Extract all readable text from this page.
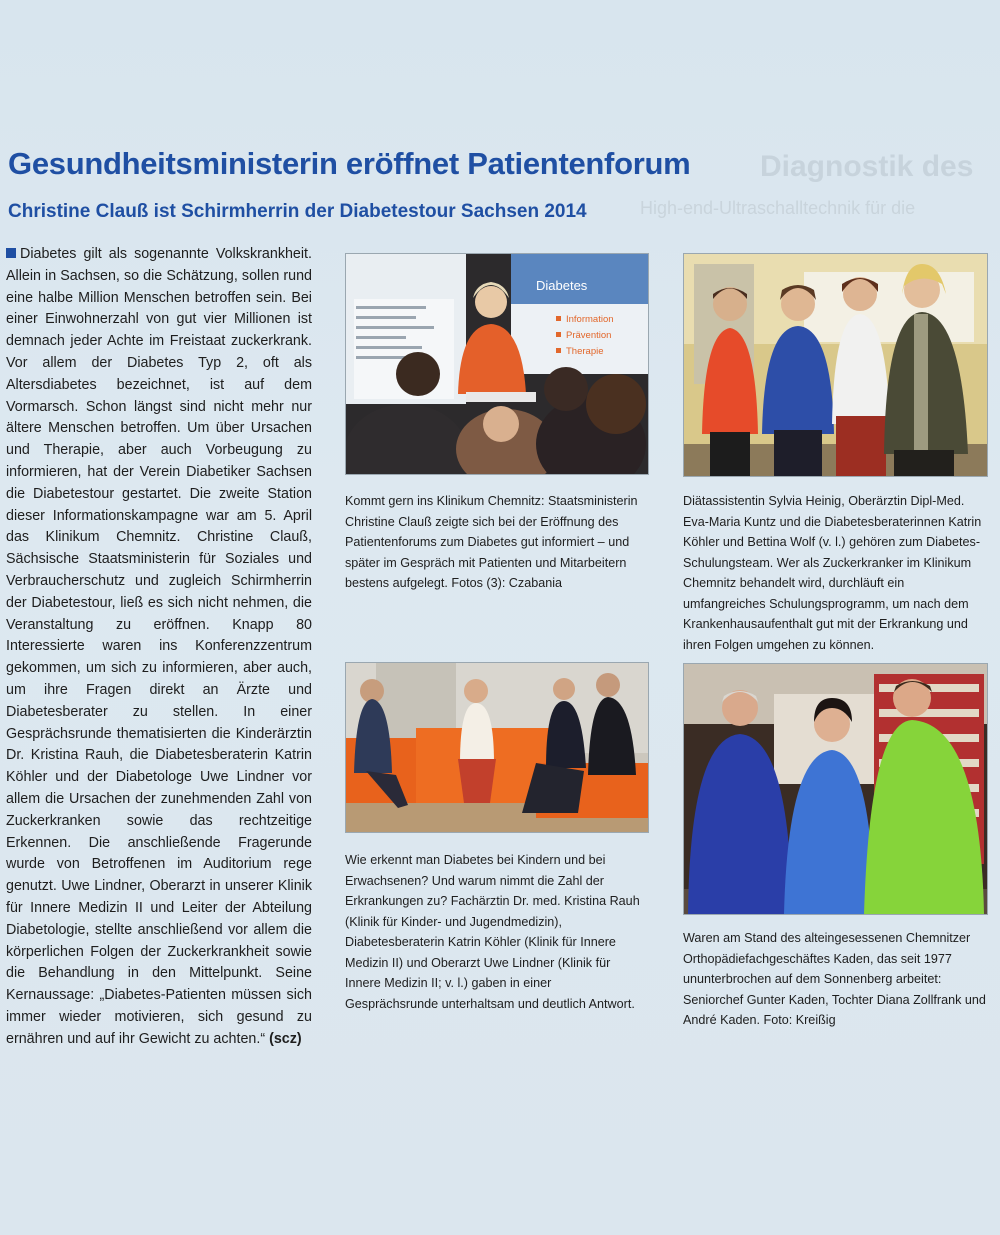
Diagnostik des
High-end-Ultraschalltechnik für die
Gesundheitsministerin eröffnet Patientenforum
Christine Clauß ist Schirmherrin der Diabetestour Sachsen 2014
Diabetes gilt als sogenannte Volkskrankheit. Allein in Sachsen, so die Schätzung, sollen rund eine halbe Million Menschen betroffen sein. Bei einer Einwohnerzahl von gut vier Millionen ist demnach jeder Achte im Freistaat zuckerkrank. Vor allem der Diabetes Typ 2, oft als Altersdiabetes bezeichnet, ist auf dem Vormarsch. Schon längst sind nicht mehr nur ältere Menschen betroffen. Um über Ursachen und Therapie, aber auch Vorbeugung zu informieren, hat der Verein Diabetiker Sachsen die Diabetestour gestartet. Die zweite Station dieser Informationskampagne war am 5. April das Klinikum Chemnitz. Christine Clauß, Sächsische Staatsministerin für Soziales und Verbraucherschutz und zugleich Schirmherrin der Diabetestour, ließ es sich nicht nehmen, die Veranstaltung zu eröffnen. Knapp 80 Interessierte waren ins Konferenzzentrum gekommen, um sich zu informieren, aber auch, um ihre Fragen direkt an Ärzte und Diabetesberater zu stellen. In einer Gesprächsrunde thematisierten die Kinderärztin Dr. Kristina Rauh, die Diabetesberaterin Katrin Köhler und der Diabetologe Uwe Lindner vor allem die Ursachen der zunehmenden Zahl von Zuckerkranken sowie das rechtzeitige Erkennen. Die anschließende Fragerunde wurde von Betroffenen im Auditorium rege genutzt. Uwe Lindner, Oberarzt in unserer Klinik für Innere Medizin II und Leiter der Abteilung Diabetologie, stellte anschließend vor allem die körperlichen Folgen der Zuckerkrankheit sowie die Behandlung in den Mittelpunkt. Seine Kernaussage: „Diabetes-Patienten müssen sich immer wieder motivieren, sich gesund zu ernähren und auf ihr Gewicht zu achten.“ (scz)
Diabetes
Information
Prävention
Therapie
Kommt gern ins Klinikum Chemnitz: Staatsministerin Christine Clauß zeigte sich bei der Eröffnung des Patientenforums zum Diabetes gut informiert – und später im Gespräch mit Patienten und Mitarbeitern bestens aufgelegt. Fotos (3): Czabania
Diätassistentin Sylvia Heinig, Oberärztin Dipl-Med. Eva-Maria Kuntz und die Diabetesberaterinnen Katrin Köhler und Bettina Wolf (v. l.) gehören zum Diabetes-Schulungsteam. Wer als Zuckerkranker im Klinikum Chemnitz behandelt wird, durchläuft ein umfangreiches Schulungsprogramm, um nach dem Krankenhausaufenthalt gut mit der Erkrankung und ihren Folgen umgehen zu können.
Wie erkennt man Diabetes bei Kindern und bei Erwachsenen? Und warum nimmt die Zahl der Erkrankungen zu? Fachärztin Dr. med. Kristina Rauh (Klinik für Kinder- und Jugendmedizin), Diabetesberaterin Katrin Köhler (Klinik für Innere Medizin II) und Oberarzt Uwe Lindner (Klinik für Innere Medizin II; v. l.) gaben in einer Gesprächsrunde unterhaltsam und deutlich Antwort.
Waren am Stand des alteingesessenen Chemnitzer Orthopädiefachgeschäftes Kaden, das seit 1977 ununterbrochen auf dem Sonnenberg arbeitet: Seniorchef Gunter Kaden, Tochter Diana Zollfrank und André Kaden. Foto: Kreißig
